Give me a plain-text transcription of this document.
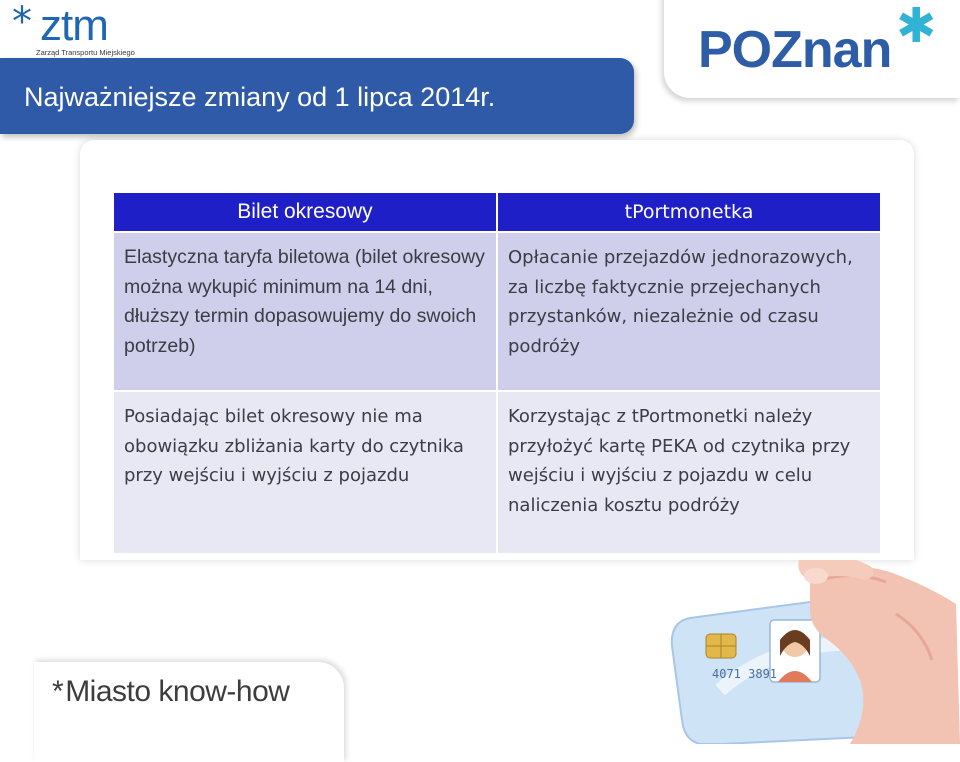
* ztm
Zarząd Transportu Miejskiego	POZnan ✱
Najważniejsze zmiany od 1 lipca 2014r.
Bilet okresowy	tPortmonetka
Elastyczna taryfa biletowa (bilet okresowy można wykupić minimum na 14 dni, dłuższy termin dopasowujemy do swoich potrzeb)
Opłacanie przejazdów jednorazowych, za liczbę faktycznie przejechanych przystanków, niezależnie od czasu podróży
Posiadając bilet okresowy nie ma obowiązku zbliżania karty do czytnika przy wejściu i wyjściu z pojazdu
Korzystając z tPortmonetki należy przyłożyć kartę PEKA od czytnika przy wejściu i wyjściu z pojazdu w celu naliczenia kosztu podróży
*Miasto know-how
4071 3891
